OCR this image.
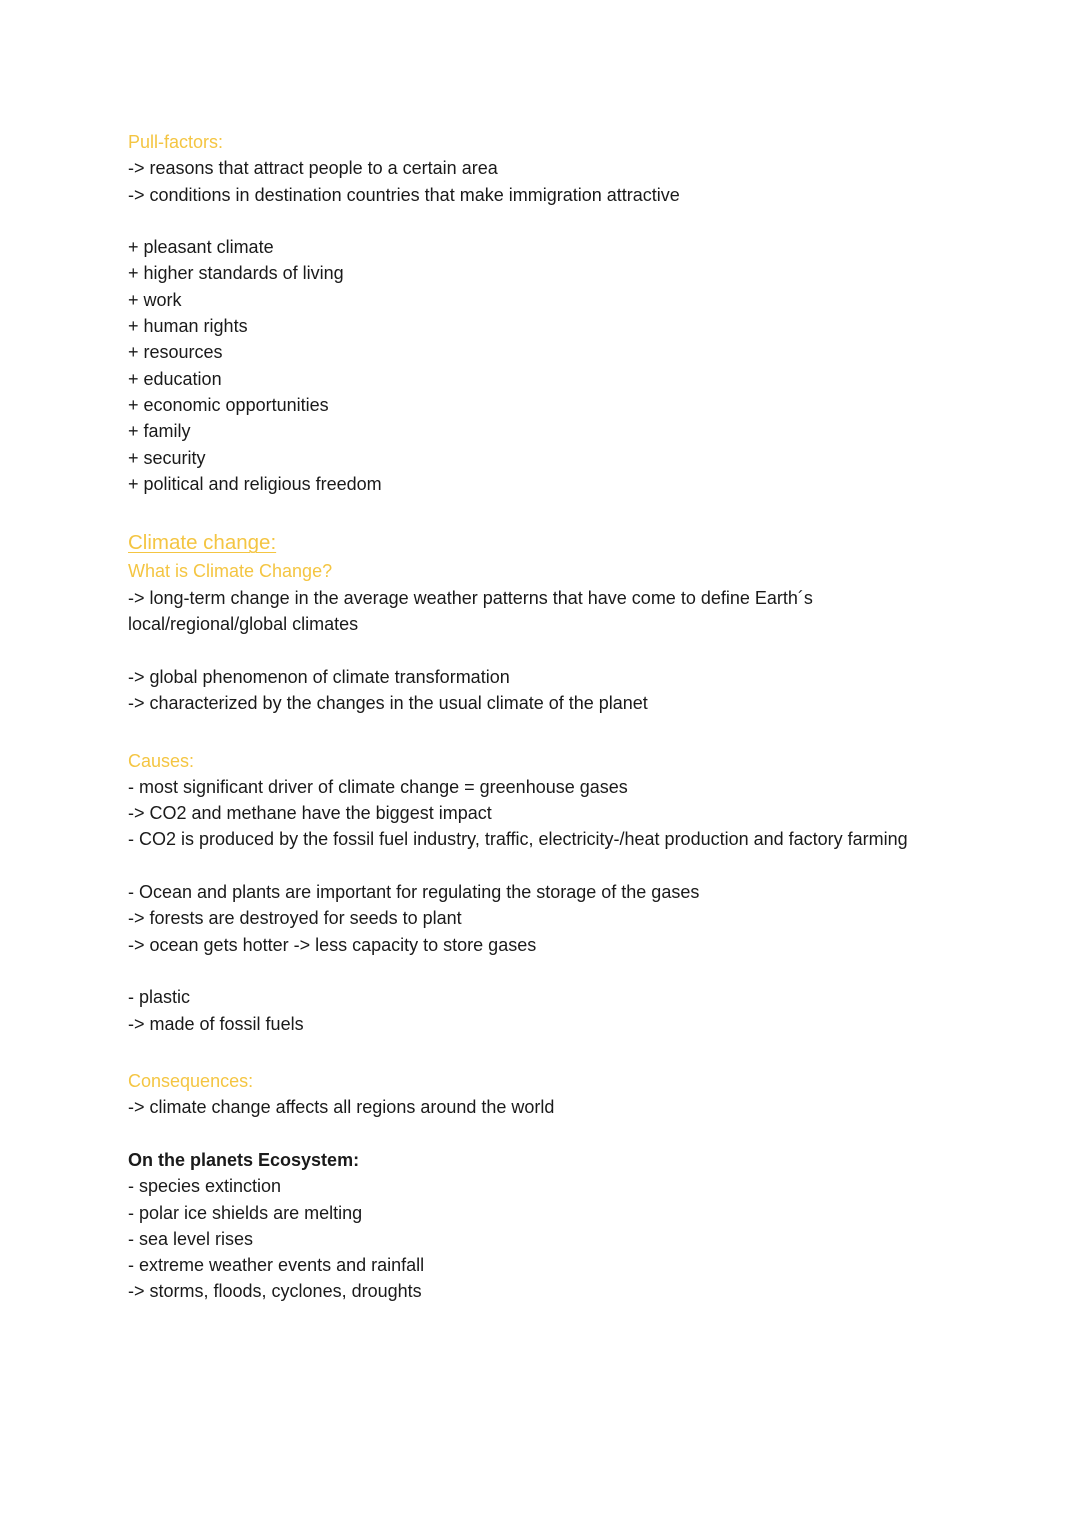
Pull-factors:
-> reasons that attract people to a certain area
-> conditions in destination countries that make immigration attractive
+ pleasant climate
+ higher standards of living
+ work
+ human rights
+ resources
+ education
+ economic opportunities
+ family
+ security
+ political and religious freedom
Climate change:
What is Climate Change?
-> long-term change in the average weather patterns that have come to define Earth´s
local/regional/global climates
-> global phenomenon of climate transformation
-> characterized by the changes in the usual climate of the planet
Causes:
- most significant driver of climate change = greenhouse gases
-> CO2 and methane have the biggest impact
- CO2 is produced by the fossil fuel industry, traffic, electricity-/heat production and factory farming
- Ocean and plants are important for regulating the storage of the gases
-> forests are destroyed for seeds to plant
-> ocean gets hotter -> less capacity to store gases
- plastic
-> made of fossil fuels
Consequences:
-> climate change affects all regions around the world
On the planets Ecosystem:
- species extinction
- polar ice shields are melting
- sea level rises
- extreme weather events and rainfall
-> storms, floods, cyclones, droughts
